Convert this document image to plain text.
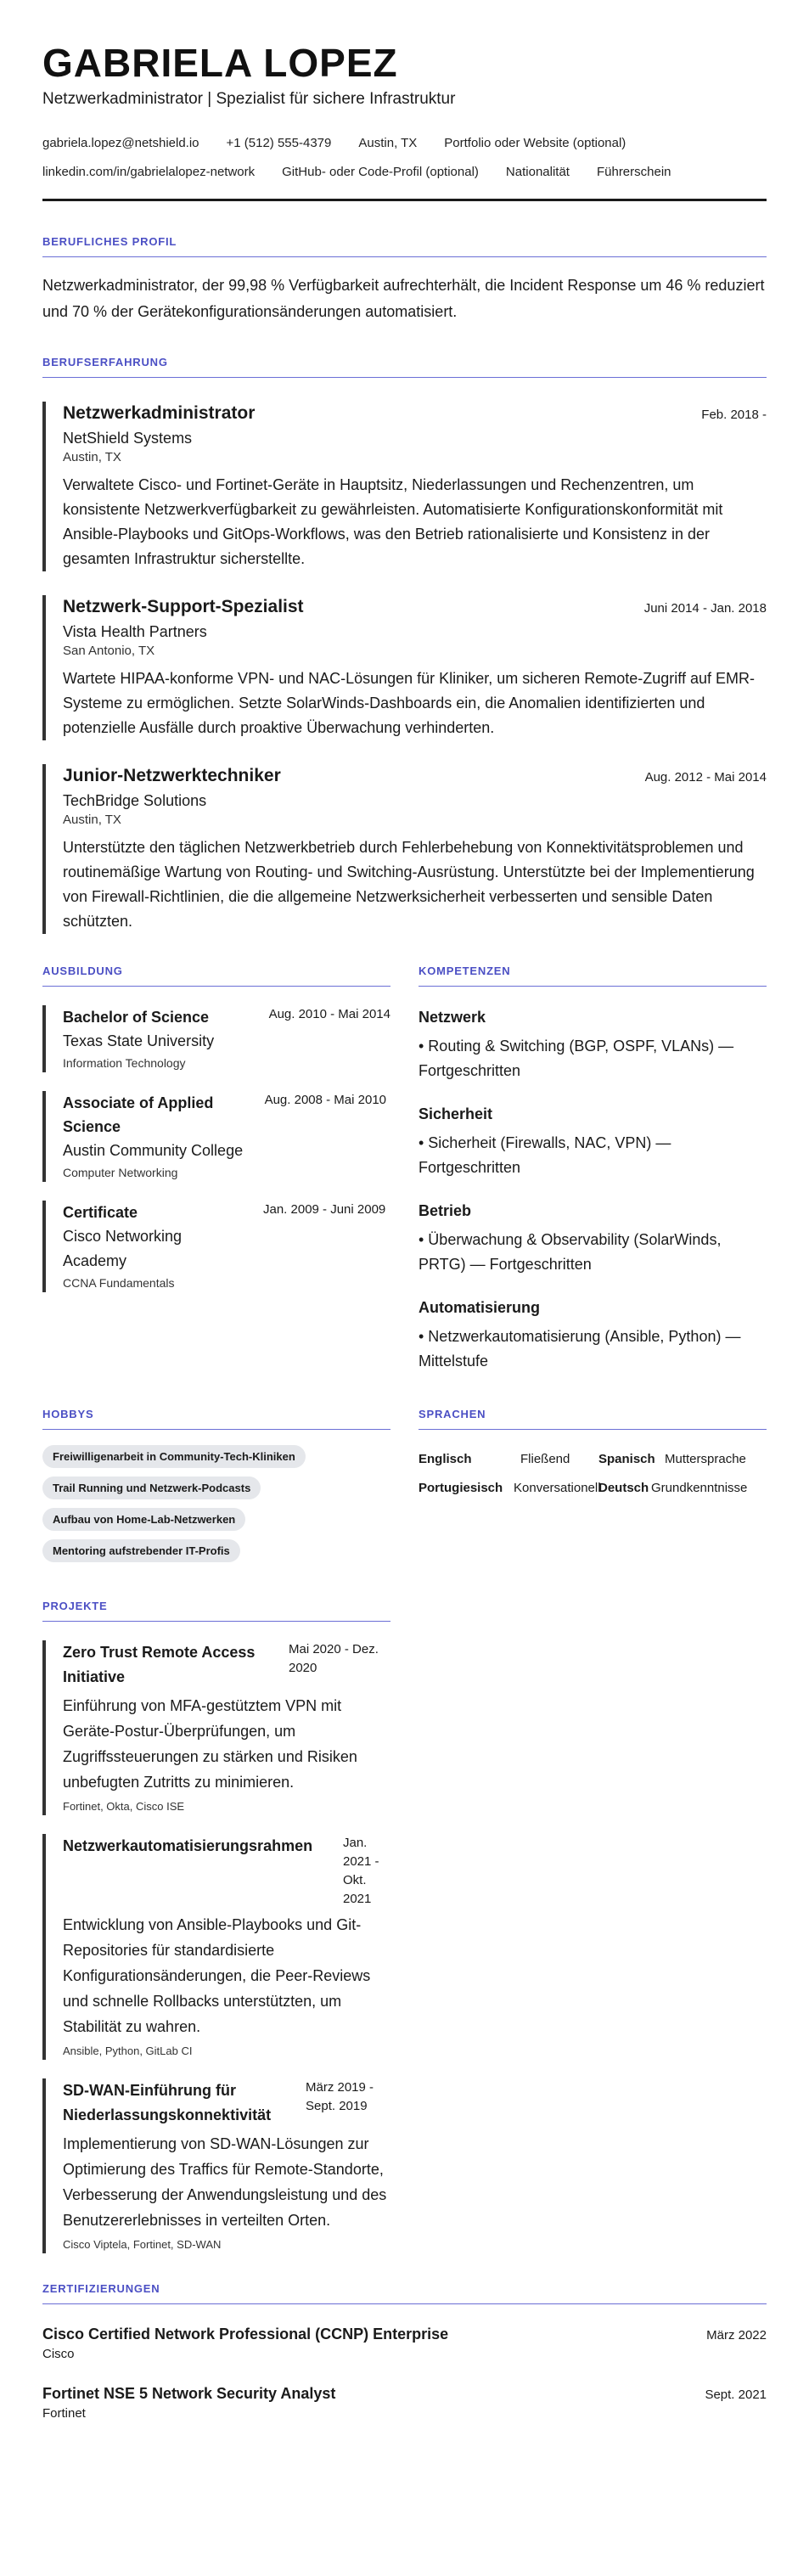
GABRIELA LOPEZ
Netzwerkadministrator | Spezialist für sichere Infrastruktur
gabriela.lopez@netshield.io +1 (512) 555-4379 Austin, TX Portfolio oder Website (optional)
linkedin.com/in/gabrielalopez-network GitHub- oder Code-Profil (optional) Nationalität Führerschein
BERUFLICHES PROFIL
Netzwerkadministrator, der 99,98 % Verfügbarkeit aufrechterhält, die Incident Response um 46 % reduziert und 70 % der Gerätekonfigurationsänderungen automatisiert.
BERUFSERFAHRUNG
Netzwerkadministrator	Feb. 2018 -
NetShield Systems
Austin, TX
Verwaltete Cisco- und Fortinet-Geräte in Hauptsitz, Niederlassungen und Rechenzentren, um konsistente Netzwerkverfügbarkeit zu gewährleisten. Automatisierte Konfigurationskonformität mit Ansible-Playbooks und GitOps-Workflows, was den Betrieb rationalisierte und Konsistenz in der gesamten Infrastruktur sicherstellte.
Netzwerk-Support-Spezialist	Juni 2014 - Jan. 2018
Vista Health Partners
San Antonio, TX
Wartete HIPAA-konforme VPN- und NAC-Lösungen für Kliniker, um sicheren Remote-Zugriff auf EMR-Systeme zu ermöglichen. Setzte SolarWinds-Dashboards ein, die Anomalien identifizierten und potenzielle Ausfälle durch proaktive Überwachung verhinderten.
Junior-Netzwerktechniker	Aug. 2012 - Mai 2014
TechBridge Solutions
Austin, TX
Unterstützte den täglichen Netzwerkbetrieb durch Fehlerbehebung von Konnektivitätsproblemen und routinemäßige Wartung von Routing- und Switching-Ausrüstung. Unterstützte bei der Implementierung von Firewall-Richtlinien, die die allgemeine Netzwerksicherheit verbesserten und sensible Daten schützten.
AUSBILDUNG
Bachelor of Science	Aug. 2010 - Mai 2014
Texas State University
Information Technology
Associate of Applied Science
Aug. 2008 - Mai 2010
Austin Community College
Computer Networking
Certificate	Jan. 2009 - Juni 2009
Cisco Networking Academy
CCNA Fundamentals
KOMPETENZEN
Netzwerk
• Routing & Switching (BGP, OSPF, VLANs) — Fortgeschritten
Sicherheit
• Sicherheit (Firewalls, NAC, VPN) — Fortgeschritten
Betrieb
• Überwachung & Observability (SolarWinds, PRTG) — Fortgeschritten
Automatisierung
• Netzwerkautomatisierung (Ansible, Python) — Mittelstufe
HOBBYS
Freiwilligenarbeit in Community-Tech-Kliniken
Trail Running und Netzwerk-Podcasts
Aufbau von Home-Lab-Netzwerken
Mentoring aufstrebender IT-Profis
SPRACHEN
Englisch	Fließend	Spanisch Muttersprache
Portugiesisch Konversationell
Deutsch Grundkenntnisse
PROJEKTE
Zero Trust Remote Access Initiative
Mai 2020 - Dez. 2020
Einführung von MFA-gestütztem VPN mit Geräte-Postur-Überprüfungen, um Zugriffssteuerungen zu stärken und Risiken unbefugten Zutritts zu minimieren.
Fortinet, Okta, Cisco ISE
Netzwerkautomatisierungsrahmen Jan. 2021 - Okt. 2021
Entwicklung von Ansible-Playbooks und Git-Repositories für standardisierte Konfigurationsänderungen, die Peer-Reviews und schnelle Rollbacks unterstützten, um Stabilität zu wahren.
Ansible, Python, GitLab CI
SD-WAN-Einführung für Niederlassungskonnektivität
März 2019 - Sept. 2019
Implementierung von SD-WAN-Lösungen zur Optimierung des Traffics für Remote-Standorte, Verbesserung der Anwendungsleistung und des Benutzererlebnisses in verteilten Orten.
Cisco Viptela, Fortinet, SD-WAN
ZERTIFIZIERUNGEN
Cisco Certified Network Professional (CCNP) Enterprise	März 2022
Cisco
Fortinet NSE 5 Network Security Analyst	Sept. 2021
Fortinet
